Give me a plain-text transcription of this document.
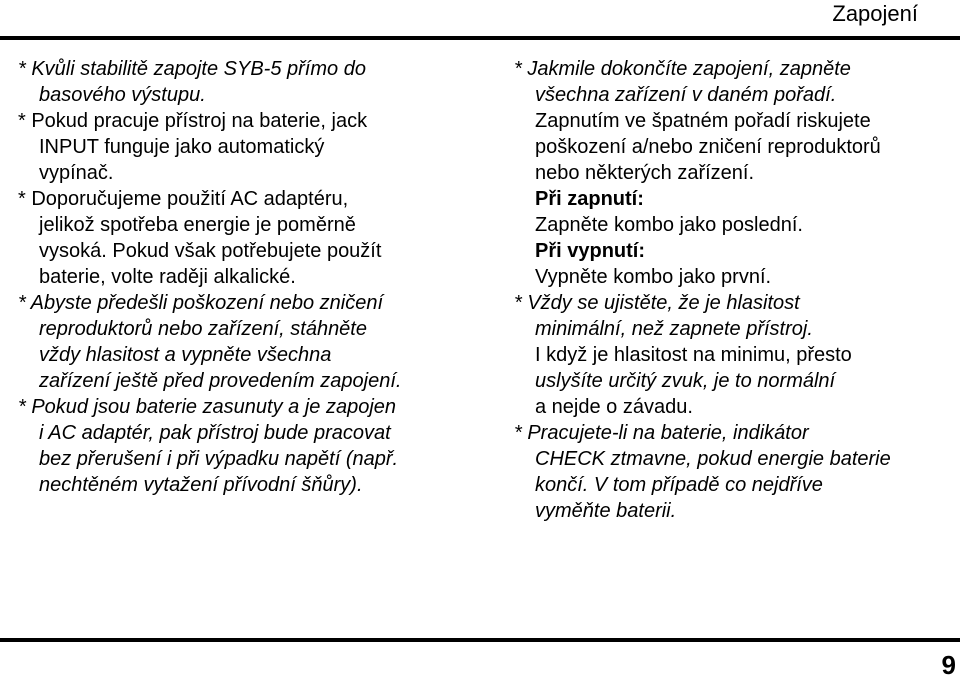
Zapojení
* Kvůli stabilitě zapojte SYB-5 přímo do
basového výstupu.
* Pokud pracuje přístroj na baterie, jack
INPUT funguje jako automatický
vypínač.
* Doporučujeme použití AC adaptéru,
jelikož spotřeba energie je poměrně
vysoká. Pokud však potřebujete použít
baterie, volte raději alkalické.
* Abyste předešli poškození nebo zničení
reproduktorů nebo zařízení, stáhněte
vždy hlasitost a vypněte všechna
zařízení ještě před provedením zapojení.
* Pokud jsou baterie zasunuty a je zapojen
i AC adaptér, pak přístroj bude pracovat
bez přerušení i při výpadku napětí (např.
nechtěném vytažení přívodní šňůry).
* Jakmile dokončíte zapojení, zapněte
všechna zařízení v daném pořadí.
Zapnutím ve špatném pořadí riskujete
poškození a/nebo zničení reproduktorů
nebo některých zařízení.
Při zapnutí:
Zapněte kombo jako poslední.
Při vypnutí:
Vypněte kombo jako první.
* Vždy se ujistěte, že je hlasitost
minimální, než zapnete přístroj.
I když je hlasitost na minimu, přesto
uslyšíte určitý zvuk, je to normální
a nejde o závadu.
* Pracujete-li na baterie, indikátor
CHECK ztmavne, pokud energie baterie
končí. V tom případě co nejdříve
vyměňte baterii.
9
